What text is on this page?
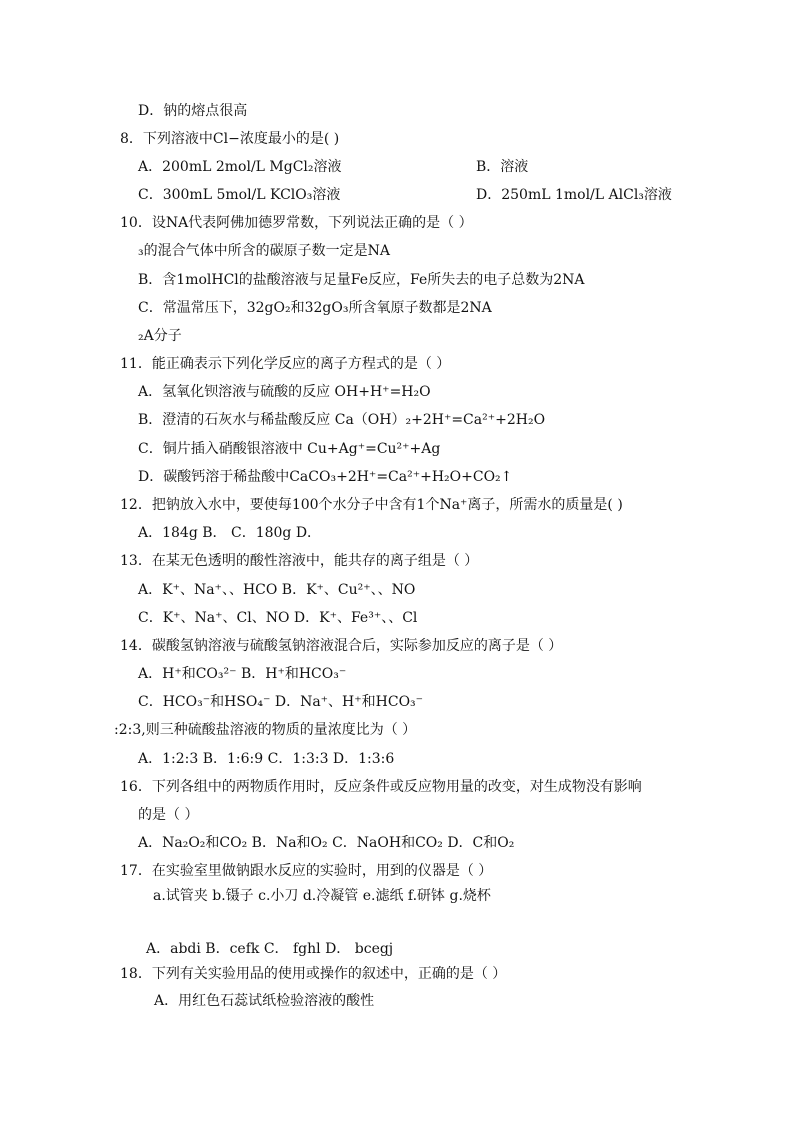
D．钠的熔点很高
8．下列溶液中Cl−浓度最小的是( )
A．200mL 2mol/L MgCl₂溶液	B．溶液
C．300mL 5mol/L KClO₃溶液	D．250mL 1mol/L AlCl₃溶液
10．设NA代表阿佛加德罗常数，下列说法正确的是（ ）
₃的混合气体中所含的碳原子数一定是NA
B．含1molHCl的盐酸溶液与足量Fe反应，Fe所失去的电子总数为2NA
C．常温常压下，32gO₂和32gO₃所含氧原子数都是2NA
₂A分子
11．能正确表示下列化学反应的离子方程式的是（ ）
A．氢氧化钡溶液与硫酸的反应 OH+H⁺=H₂O
B．澄清的石灰水与稀盐酸反应 Ca（OH）₂+2H⁺=Ca²⁺+2H₂O
C．铜片插入硝酸银溶液中 Cu+Ag⁺=Cu²⁺+Ag
D．碳酸钙溶于稀盐酸中CaCO₃+2H⁺=Ca²⁺+H₂O+CO₂↑
12．把钠放入水中，要使每100个水分子中含有1个Na⁺离子，所需水的质量是( )
A．184g B． C．180g D．
13．在某无色透明的酸性溶液中，能共存的离子组是（ ）
A．K⁺、Na⁺、、HCO B．K⁺、Cu²⁺、、NO
C．K⁺、Na⁺、Cl、NO D．K⁺、Fe³⁺、、Cl
14．碳酸氢钠溶液与硫酸氢钠溶液混合后，实际参加反应的离子是（ ）
A．H⁺和CO₃²⁻ B．H⁺和HCO₃⁻
C．HCO₃⁻和HSO₄⁻ D．Na⁺、H⁺和HCO₃⁻
:2:3,则三种硫酸盐溶液的物质的量浓度比为（ ）
A．1:2:3 B．1:6:9 C．1:3:3 D．1:3:6
16．下列各组中的两物质作用时，反应条件或反应物用量的改变，对生成物没有影响
的是（ ）
A．Na₂O₂和CO₂ B．Na和O₂ C．NaOH和CO₂ D．C和O₂
17．在实验室里做钠跟水反应的实验时，用到的仪器是（ ）
a.试管夹 b.镊子 c.小刀 d.冷凝管 e.滤纸 f.研钵 g.烧杯
A．abdi B．cefk C． fghl D． bcegj
18．下列有关实验用品的使用或操作的叙述中，正确的是（ ）
A．用红色石蕊试纸检验溶液的酸性
